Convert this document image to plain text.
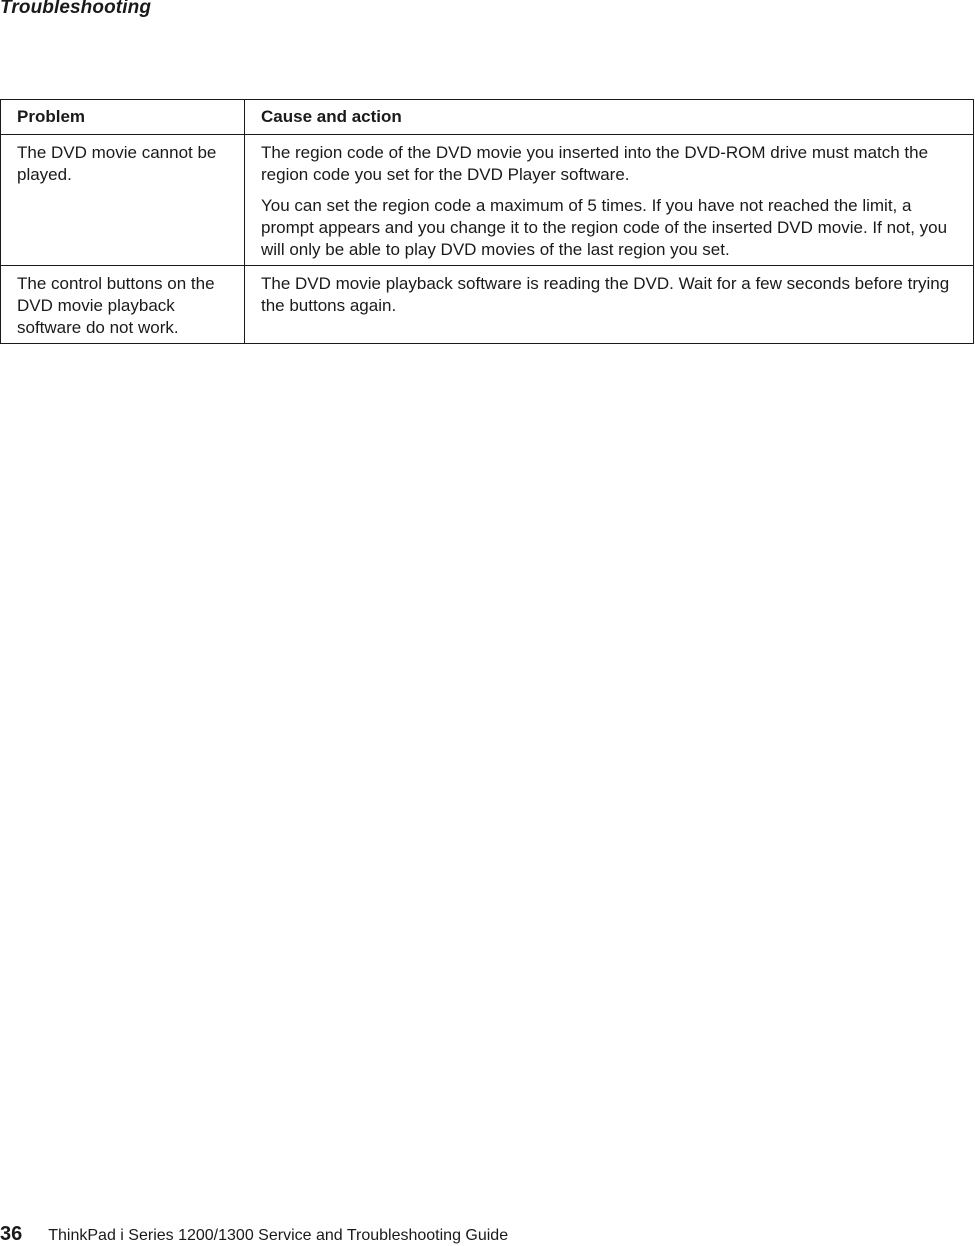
Troubleshooting
Problem	Cause and action
The DVD movie cannot be played.	The region code of the DVD movie you inserted into the DVD-ROM drive must match the region code you set for the DVD Player software.

You can set the region code a maximum of 5 times. If you have not reached the limit, a prompt appears and you change it to the region code of the inserted DVD movie. If not, you will only be able to play DVD movies of the last region you set.

The control buttons on the DVD movie playback software do not work.	The DVD movie playback software is reading the DVD. Wait for a few seconds before trying the buttons again.

36 ThinkPad i Series 1200/1300 Service and Troubleshooting Guide
